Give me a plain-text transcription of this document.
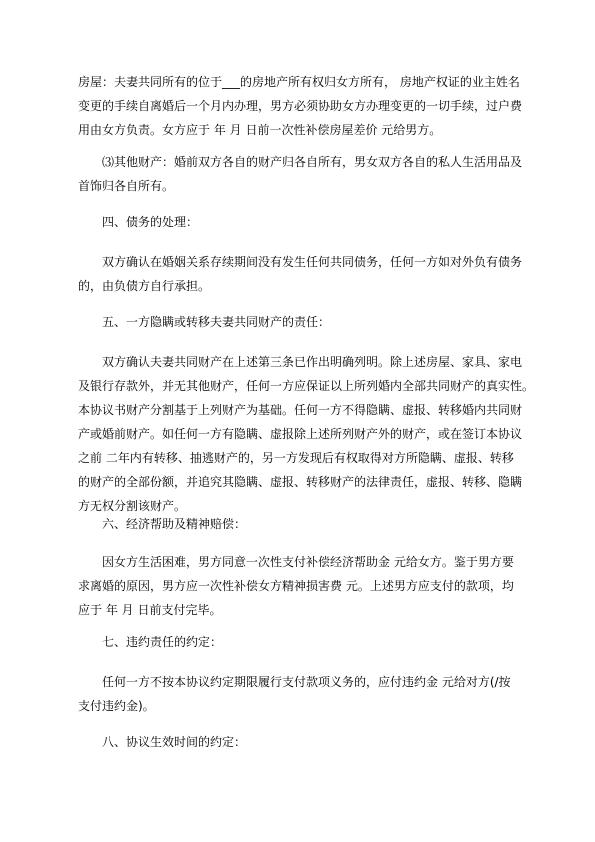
房屋：夫妻共同所有的位于___的房地产所有权归女方所有， 房地产权证的业主姓名
变更的手续自离婚后一个月内办理，男方必须协助女方办理变更的一切手续，过户费
用由女方负责。女方应于 年 月 日前一次性补偿房屋差价 元给男方。
⑶其他财产：婚前双方各自的财产归各自所有，男女双方各自的私人生活用品及
首饰归各自所有。
四、债务的处理：
双方确认在婚姻关系存续期间没有发生任何共同债务，任何一方如对外负有债务
的，由负债方自行承担。
五、一方隐瞒或转移夫妻共同财产的责任：
双方确认夫妻共同财产在上述第三条已作出明确列明。除上述房屋、家具、家电
及银行存款外，并无其他财产，任何一方应保证以上所列婚内全部共同财产的真实性。
本协议书财产分割基于上列财产为基础。任何一方不得隐瞒、虚报、转移婚内共同财
产或婚前财产。如任何一方有隐瞒、虚报除上述所列财产外的财产，或在签订本协议
之前 二年内有转移、抽逃财产的，另一方发现后有权取得对方所隐瞒、虚报、转移
的财产的全部份额，并追究其隐瞒、虚报、转移财产的法律责任，虚报、转移、隐瞒
方无权分割该财产。
六、经济帮助及精神赔偿：
因女方生活困难，男方同意一次性支付补偿经济帮助金 元给女方。鉴于男方要
求离婚的原因，男方应一次性补偿女方精神损害费 元。上述男方应支付的款项，均
应于 年 月 日前支付完毕。
七、违约责任的约定：
任何一方不按本协议约定期限履行支付款项义务的，应付违约金 元给对方(/按
支付违约金)。
八、协议生效时间的约定：
